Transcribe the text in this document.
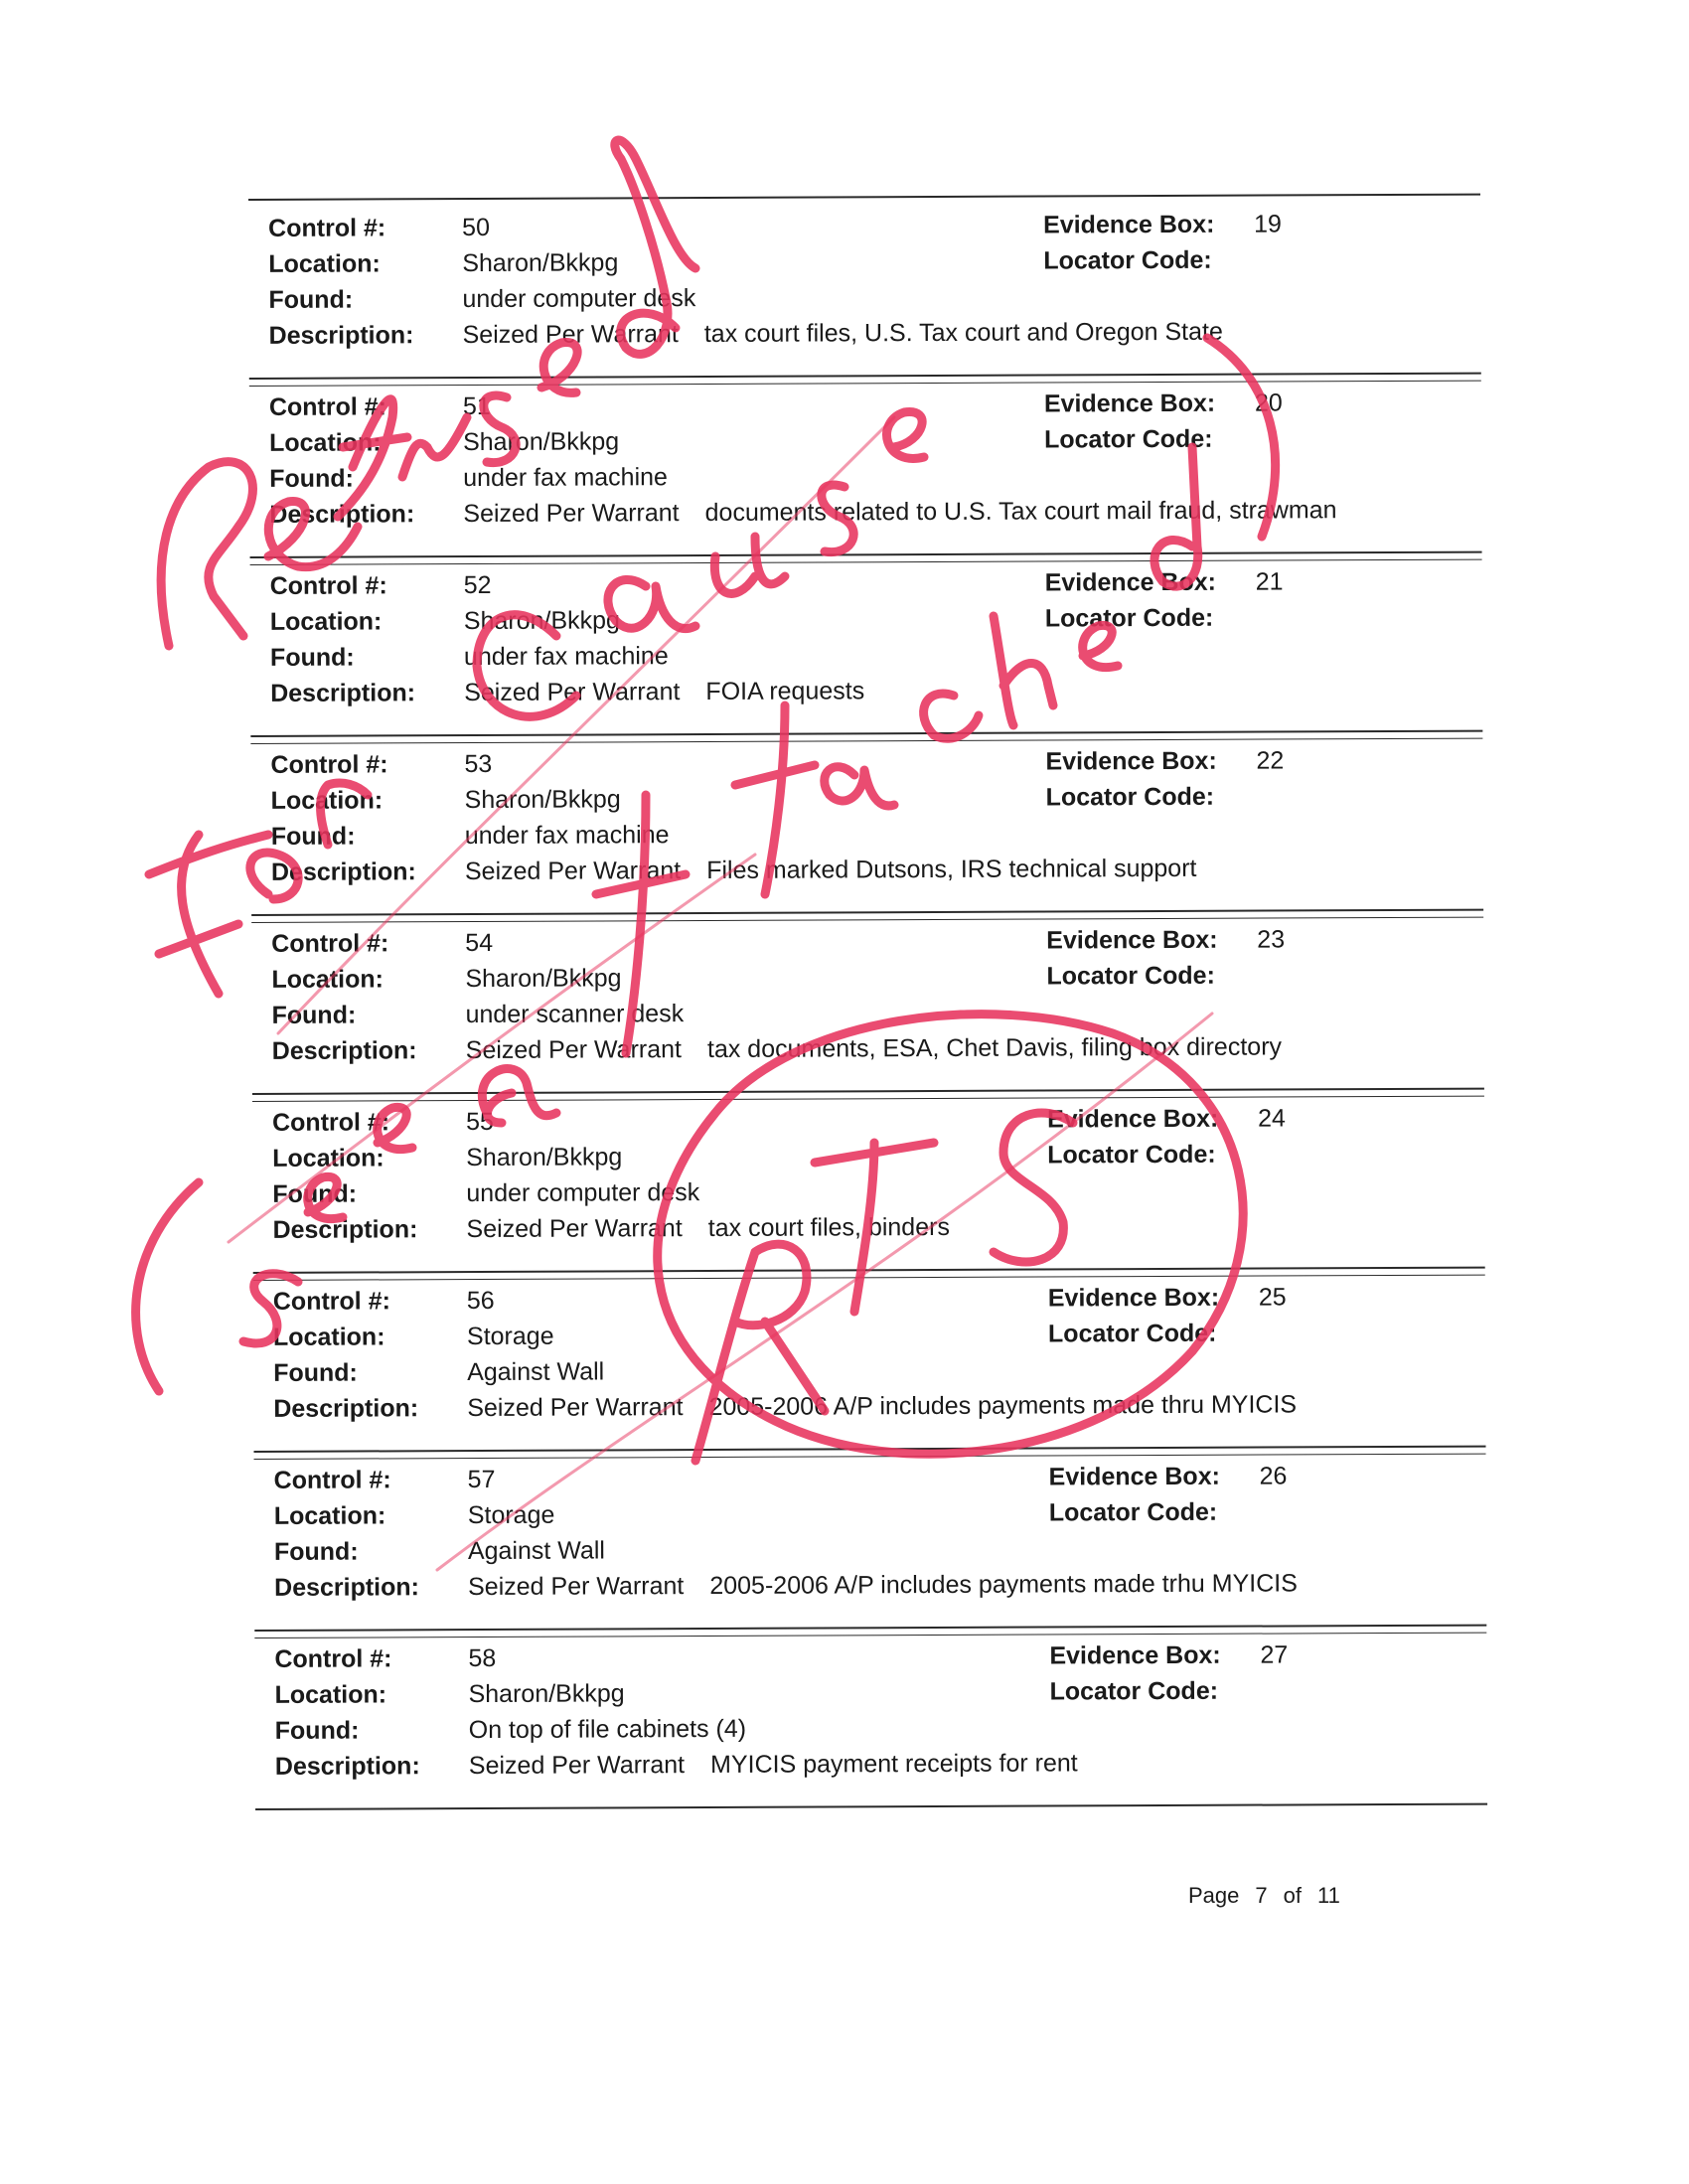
Control #:	50	Evidence Box: 19
Location:	Sharon/Bkkpg	Locator Code:
Found:	under computer desk
Description: Seized Per Warrant tax court files, U.S. Tax court and Oregon State
Control #:	51	Evidence Box: 20
Location:	Sharon/Bkkpg	Locator Code:
Found:	under fax machine
Description: Seized Per Warrant documents related to U.S. Tax court mail fraud, strawman
Control #:	52	Evidence Box: 21
Location:	Sharon/Bkkpg	Locator Code:
Found:	under fax machine
Description: Seized Per Warrant FOIA requests
Control #:	53	Evidence Box: 22
Location:	Sharon/Bkkpg	Locator Code:
Found:	under fax machine
Description: Seized Per Warrant Files marked Dutsons, IRS technical support
Control #:	54	Evidence Box: 23
Location:	Sharon/Bkkpg	Locator Code:
Found:	under scanner desk
Description: Seized Per Warrant tax documents, ESA, Chet Davis, filing box directory
Control #:	55	Evidence Box: 24
Location:	Sharon/Bkkpg	Locator Code:
Found:	under computer desk
Description: Seized Per Warrant tax court files, binders
Control #:	56	Evidence Box: 25
Location:	Storage	Locator Code:
Found:	Against Wall
Description: Seized Per Warrant 2005-2006 A/P includes payments made thru MYICIS
Control #:	57	Evidence Box: 26
Location:	Storage	Locator Code:
Found:	Against Wall
Description: Seized Per Warrant 2005-2006 A/P includes payments made trhu MYICIS
Control #:	58	Evidence Box: 27
Location:	Sharon/Bkkpg	Locator Code:
Found:	On top of file cabinets (4)
Description: Seized Per Warrant MYICIS payment receipts for rent
Page 7 of 11
